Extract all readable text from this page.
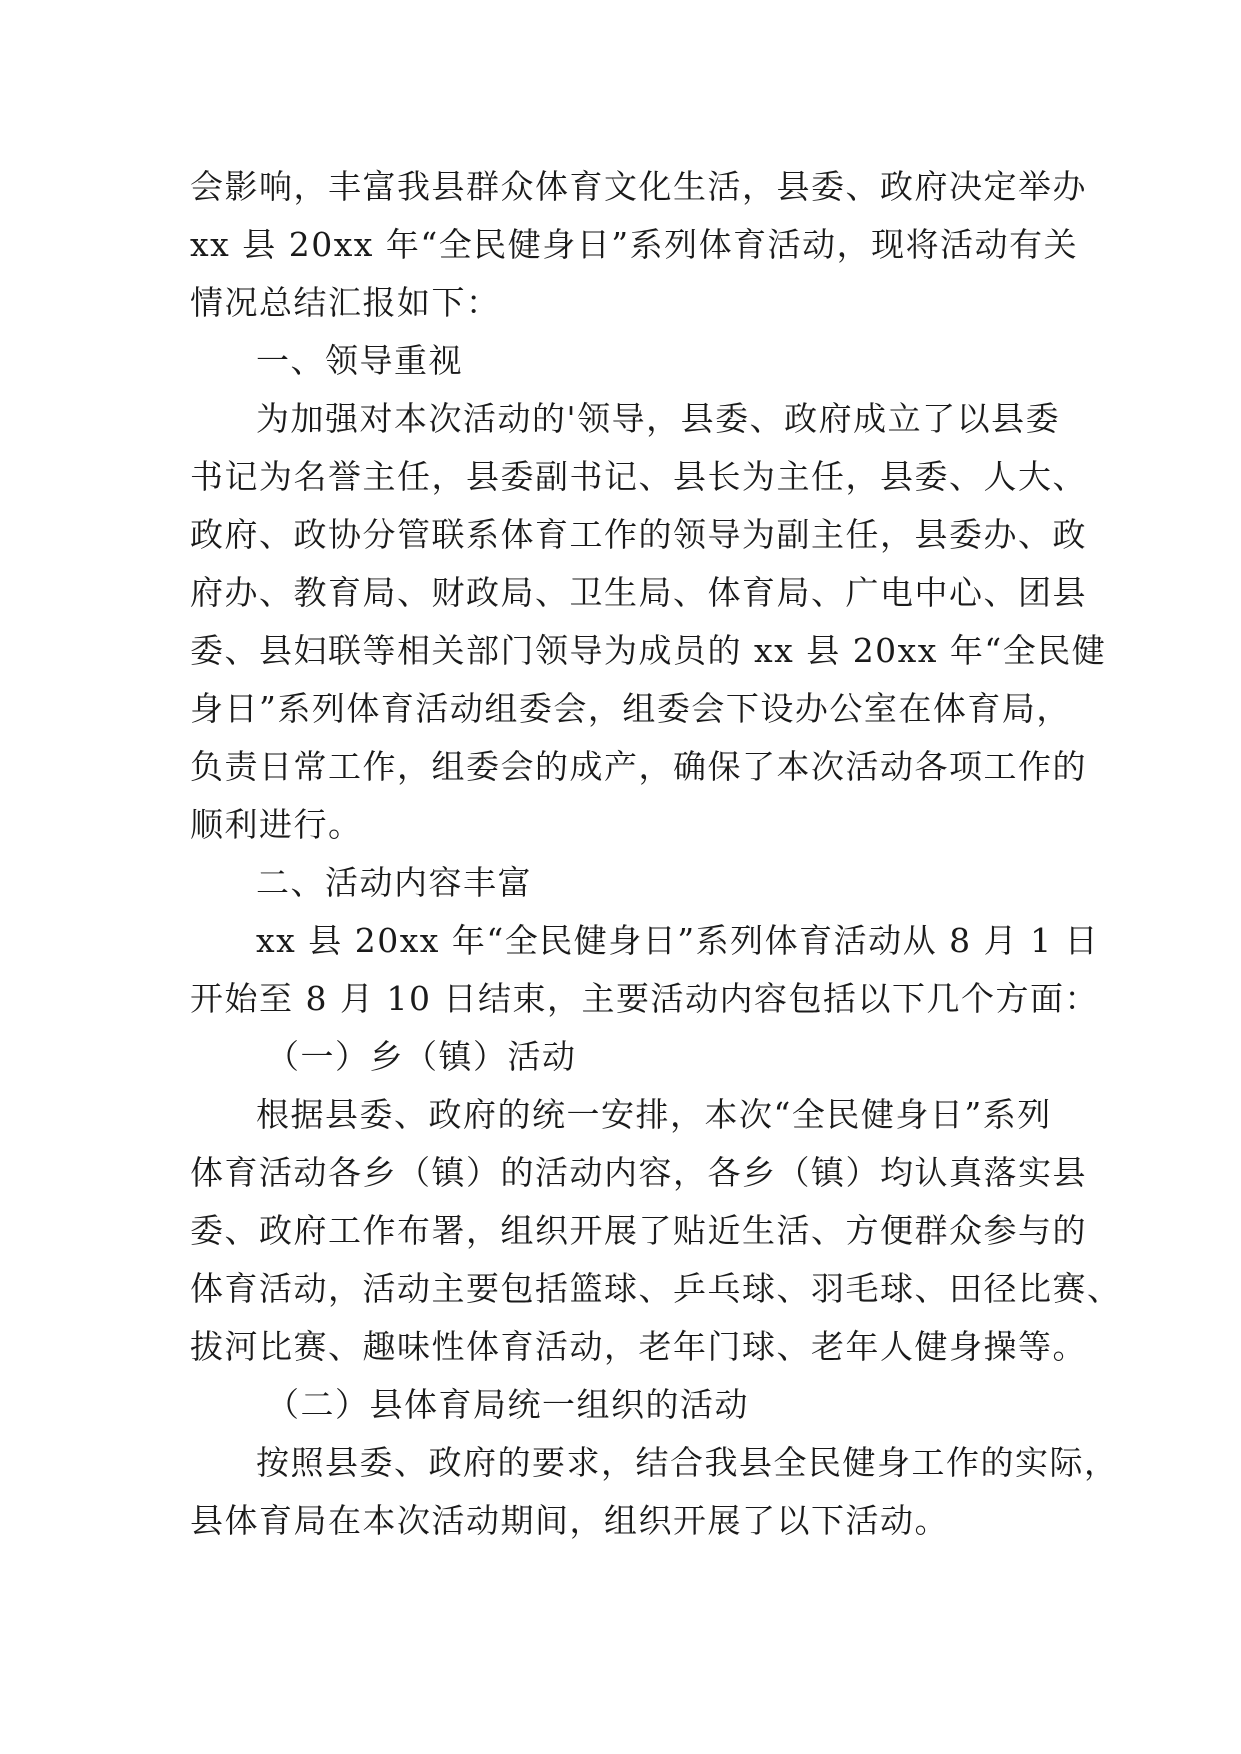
会影响，丰富我县群众体育文化生活，县委、政府决定举办
xx 县 20xx 年“全民健身日”系列体育活动，现将活动有关
情况总结汇报如下：
一、领导重视
为加强对本次活动的'领导，县委、政府成立了以县委
书记为名誉主任，县委副书记、县长为主任，县委、人大、
政府、政协分管联系体育工作的领导为副主任，县委办、政
府办、教育局、财政局、卫生局、体育局、广电中心、团县
委、县妇联等相关部门领导为成员的 xx 县 20xx 年“全民健
身日”系列体育活动组委会，组委会下设办公室在体育局，
负责日常工作，组委会的成产，确保了本次活动各项工作的
顺利进行。
二、活动内容丰富
xx 县 20xx 年“全民健身日”系列体育活动从 8 月 1 日
开始至 8 月 10 日结束，主要活动内容包括以下几个方面：
（一）乡（镇）活动
根据县委、政府的统一安排，本次“全民健身日”系列
体育活动各乡（镇）的活动内容，各乡（镇）均认真落实县
委、政府工作布署，组织开展了贴近生活、方便群众参与的
体育活动，活动主要包括篮球、乒乓球、羽毛球、田径比赛、
拔河比赛、趣味性体育活动，老年门球、老年人健身操等。
（二）县体育局统一组织的活动
按照县委、政府的要求，结合我县全民健身工作的实际，
县体育局在本次活动期间，组织开展了以下活动。
